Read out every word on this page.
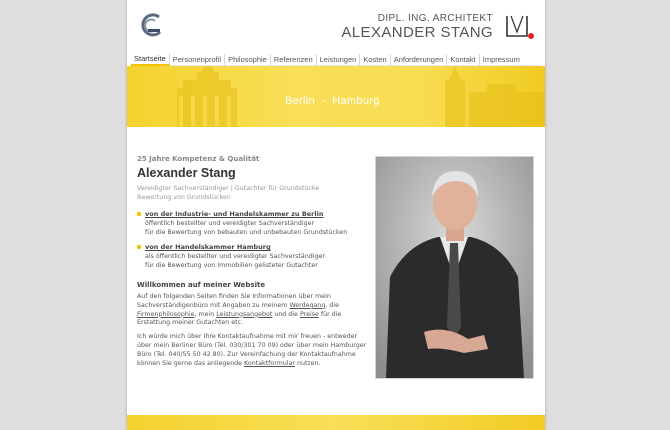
DIPL. ING. ARCHITEKT
ALEXANDER STANG
Startseite Personenprofil Philosophie Referenzen Leistungen Kosten Anforderungen Kontakt Impressum
Berlin  -  Hamburg

25 Jahre Kompetenz & Qualität

Alexander Stang

Vereidigter Sachverständiger | Gutachter für Grundstücke
Bewertung von Grundstücken

von der Industrie- und Handelskammer zu Berlin
öffentlich bestellter und vereidigter Sachverständiger
für die Bewertung von bebauten und unbebauten Grundstücken
von der Handelskammer Hamburg
als öffentlich bestellter und vereidigter Sachverständiger
für die Bewertung von Immobilien gelisteter Gutachter
Willkommen auf meiner Website

Auf den folgenden Seiten finden Sie Informationen über mein Sachverständigenbüro mit Angaben zu meinem Werdegang, die Firmenphilosophie, mein Leistungsangebot und die Preise für die Erstattung meiner Gutachten etc.

Ich würde mich über Ihre Kontaktaufnahme mit mir freuen - entweder über mein Berliner Büro (Tel. 030/301 70 09) oder über mein Hamburger Büro (Tel. 040/55 50 42 80). Zur Vereinfachung der Kontaktaufnahme können Sie gerne das anliegende Kontaktformular nutzen.
